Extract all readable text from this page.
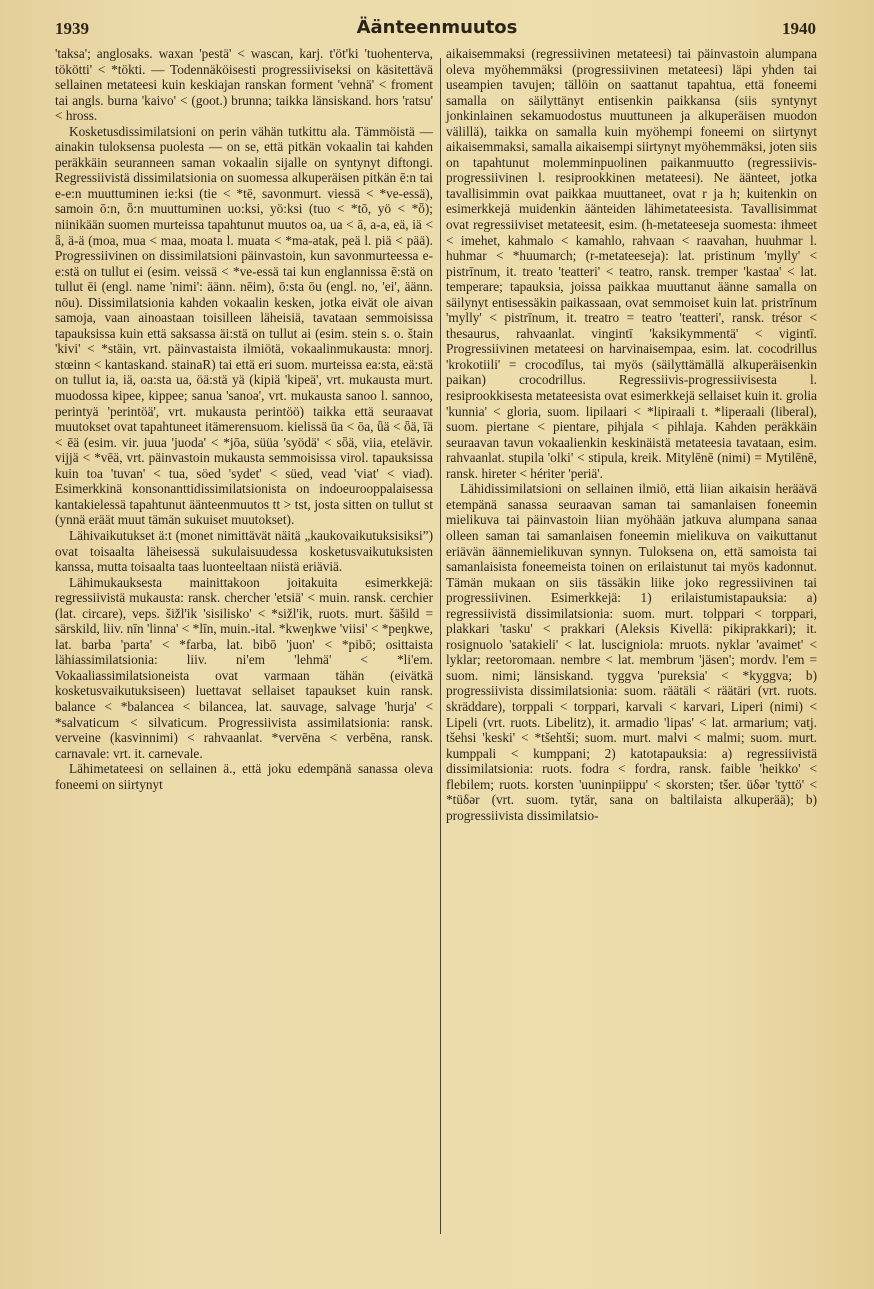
1939	Äänteenmuutos	1940

'taksa'; anglosaks. waxan 'pestä' < wascan, karj. t'öt'ki 'tuohenterva, tökötti' < *tökti. — Todennäköisesti progressiiviseksi on käsitettävä sellainen metateesi kuin keskiajan ranskan forment 'vehnä' < froment tai angls. burna 'kaivo' < (goot.) brunna; taikka länsiskand. hors 'ratsu' < hross.

Kosketusdissimilatsioni on perin vähän tutkittu ala. Tämmöistä — ainakin tuloksensa puolesta — on se, että pitkän vokaalin tai kahden peräkkäin seuranneen saman vokaalin sijalle on syntynyt diftongi. Regressiivistä dissimilatsionia on suomessa alkuperäisen pitkän ē:n tai e-e:n muuttuminen ie:ksi (tie < *tē, savonmurt. viessä < *ve-essä), samoin ō:n, ȫ:n muuttuminen uo:ksi, yö:ksi (tuo < *tō, yö < *ȫ); niinikään suomen murteissa tapahtunut muutos oa, ua < ā, a-a, eä, iä < ǟ, ä-ä (moa, mua < maa, moata l. muata < *ma-atak, peä l. piä < pää). Progressiivinen on dissimilatsioni päinvastoin, kun savonmurteessa e-e:stä on tullut ei (esim. veissä < *ve-essä tai kun englannissa ē:stä on tullut ēi (engl. name 'nimi': äänn. nēim), ō:sta ōu (engl. no, 'ei', äänn. nōu). Dissimilatsionia kahden vokaalin kesken, jotka eivät ole aivan samoja, vaan ainoastaan toisilleen läheisiä, tavataan semmoisissa tapauksissa kuin että saksassa äi:stä on tullut ai (esim. stein s. o. štain 'kivi' < *stäin, vrt. päinvastaista ilmiötä, vokaalinmukausta: mnorj. stœinn < kantaskand. stainaR) tai että eri suom. murteissa ea:sta, eä:stä on tullut ia, iä, oa:sta ua, öä:stä yä (kipiä 'kipeä', vrt. mukausta murt. muodossa kipee, kippee; sanua 'sanoa', vrt. mukausta sanoo l. sannoo, perintyä 'perintöä', vrt. mukausta perintöö) taikka että seuraavat muutokset ovat tapahtuneet itämerensuom. kielissä ūa < ōa, ǖä < ȫä, īä < ēä (esim. vir. juua 'juoda' < *jōa, süüa 'syödä' < sȫä, viia, etelävir. vijjä < *vēä, vrt. päinvastoin mukausta semmoisissa virol. tapauksissa kuin toa 'tuvan' < tua, söed 'sydet' < süed, vead 'viat' < viad). Esimerkkinä konsonanttidissimilatsionista on indoeurooppalaisessa kantakielessä tapahtunut äänteenmuutos tt > tst, josta sitten on tullut st (ynnä eräät muut tämän sukuiset muutokset).

Lähivaikutukset ä:t (monet nimittävät näitä „kaukovaikutuksisiksi”) ovat toisaalta läheisessä sukulaisuudessa kosketusvaikutuksisten kanssa, mutta toisaalta taas luonteeltaan niistä eriäviä.

Lähimukauksesta mainittakoon joitakuita esimerkkejä: regressiivistä mukausta: ransk. chercher 'etsiä' < muin. ransk. cerchier (lat. circare), veps. šižl'ik 'sisilisko' < *sižl'ik, ruots. murt. šäšild = särskild, liiv. nīn 'linna' < *līn, muin.-ital. *kweŋkwe 'viisi' < *peŋkwe, lat. barba 'parta' < *farba, lat. bibō 'juon' < *pibō; osittaista lähiassimilatsionia: liiv. ni'em 'lehmä' < *li'em. Vokaaliassimilatsioneista ovat varmaan tähän (eivätkä kosketusvaikutuksiseen) luettavat sellaiset tapaukset kuin ransk. balance < *balancea < bilancea, lat. sauvage, salvage 'hurja' < *salvaticum < silvaticum. Progressiivista assimilatsionia: ransk. verveine (kasvinnimi) < rahvaanlat. *vervēna < verbēna, ransk. carnavale: vrt. it. carnevale.

Lähimetateesi on sellainen ä., että joku edempänä sanassa oleva foneemi on siirtynyt

aikaisemmaksi (regressiivinen metateesi) tai päinvastoin alumpana oleva myöhemmäksi (progressiivinen metateesi) läpi yhden tai useampien tavujen; tällöin on saattanut tapahtua, että foneemi samalla on säilyttänyt entisenkin paikkansa (siis syntynyt jonkinlainen sekamuodostus muuttuneen ja alkuperäisen muodon välillä), taikka on samalla kuin myöhempi foneemi on siirtynyt aikaisemmaksi, samalla aikaisempi siirtynyt myöhemmäksi, joten siis on tapahtunut molemminpuolinen paikanmuutto (regressiivis-progressiivinen l. resiprookkinen metateesi). Ne äänteet, jotka tavallisimmin ovat paikkaa muuttaneet, ovat r ja h; kuitenkin on esimerkkejä muidenkin äänteiden lähimetateesista. Tavallisimmat ovat regressiiviset metateesit, esim. (h-metateeseja suomesta: ihmeet < imehet, kahmalo < kamahlo, rahvaan < raavahan, huuhmar l. huhmar < *huumarch; (r-metateeseja): lat. pristinum 'mylly' < pistrīnum, it. treato 'teatteri' < teatro, ransk. tremper 'kastaa' < lat. temperare; tapauksia, joissa paikkaa muuttanut äänne samalla on säilynyt entisessäkin paikassaan, ovat semmoiset kuin lat. pristrīnum 'mylly' < pistrīnum, it. treatro = teatro 'teatteri', ransk. trésor < thesaurus, rahvaanlat. vingintī 'kaksikymmentä' < vigintī. Progressiivinen metateesi on harvinaisempaa, esim. lat. cocodrillus 'krokotiili' = crocodīlus, tai myös (säilyttämällä alkuperäisenkin paikan) crocodrillus. Regressiivis-progressiivisesta l. resiprookkisesta metateesista ovat esimerkkejä sellaiset kuin it. grolia 'kunnia' < gloria, suom. lipilaari < *lipiraali t. *liperaali (liberal), suom. piertane < pientare, pihjala < pihlaja. Kahden peräkkäin seuraavan tavun vokaalienkin keskinäistä metateesia tavataan, esim. rahvaanlat. stupila 'olki' < stipula, kreik. Mitylēnē (nimi) = Mytilēnē, ransk. hireter < hériter 'periä'.

Lähidissimilatsioni on sellainen ilmiö, että liian aikaisin heräävä etempänä sanassa seuraavan saman tai samanlaisen foneemin mielikuva tai päinvastoin liian myöhään jatkuva alumpana sanaa olleen saman tai samanlaisen foneemin mielikuva on vaikuttanut eriävän äännemielikuvan synnyn. Tuloksena on, että samoista tai samanlaisista foneemeista toinen on erilaistunut tai myös kadonnut. Tämän mukaan on siis tässäkin liike joko regressiivinen tai progressiivinen. Esimerkkejä: 1) erilaistumistapauksia: a) regressiivistä dissimilatsionia: suom. murt. tolppari < torppari, plakkari 'tasku' < prakkari (Aleksis Kivellä: pikiprakkari); it. rosignuolo 'satakieli' < lat. luscigniola: mruots. nyklar 'avaimet' < lyklar; reetoromaan. nembre < lat. membrum 'jäsen'; mordv. l'em = suom. nimi; länsiskand. tyggva 'pureksia' < *kyggva; b) progressiivista dissimilatsionia: suom. räätäli < räätäri (vrt. ruots. skräddare), torppali < torppari, karvali < karvari, Liperi (nimi) < Lipeli (vrt. ruots. Libelitz), it. armadio 'lipas' < lat. armarium; vatj. tšehsi 'keski' < *tšehtši; suom. murt. malvi < malmi; suom. murt. kumppali < kumppani; 2) katotapauksia: a) regressiivistä dissimilatsionia: ruots. fodra < fordra, ransk. faible 'heikko' < flebilem; ruots. korsten 'uuninpiippu' < skorsten; tšer. üδər 'tyttö' < *tüδər (vrt. suom. tytär, sana on baltilaista alkuperää); b) progressiivista dissimilatsio-
